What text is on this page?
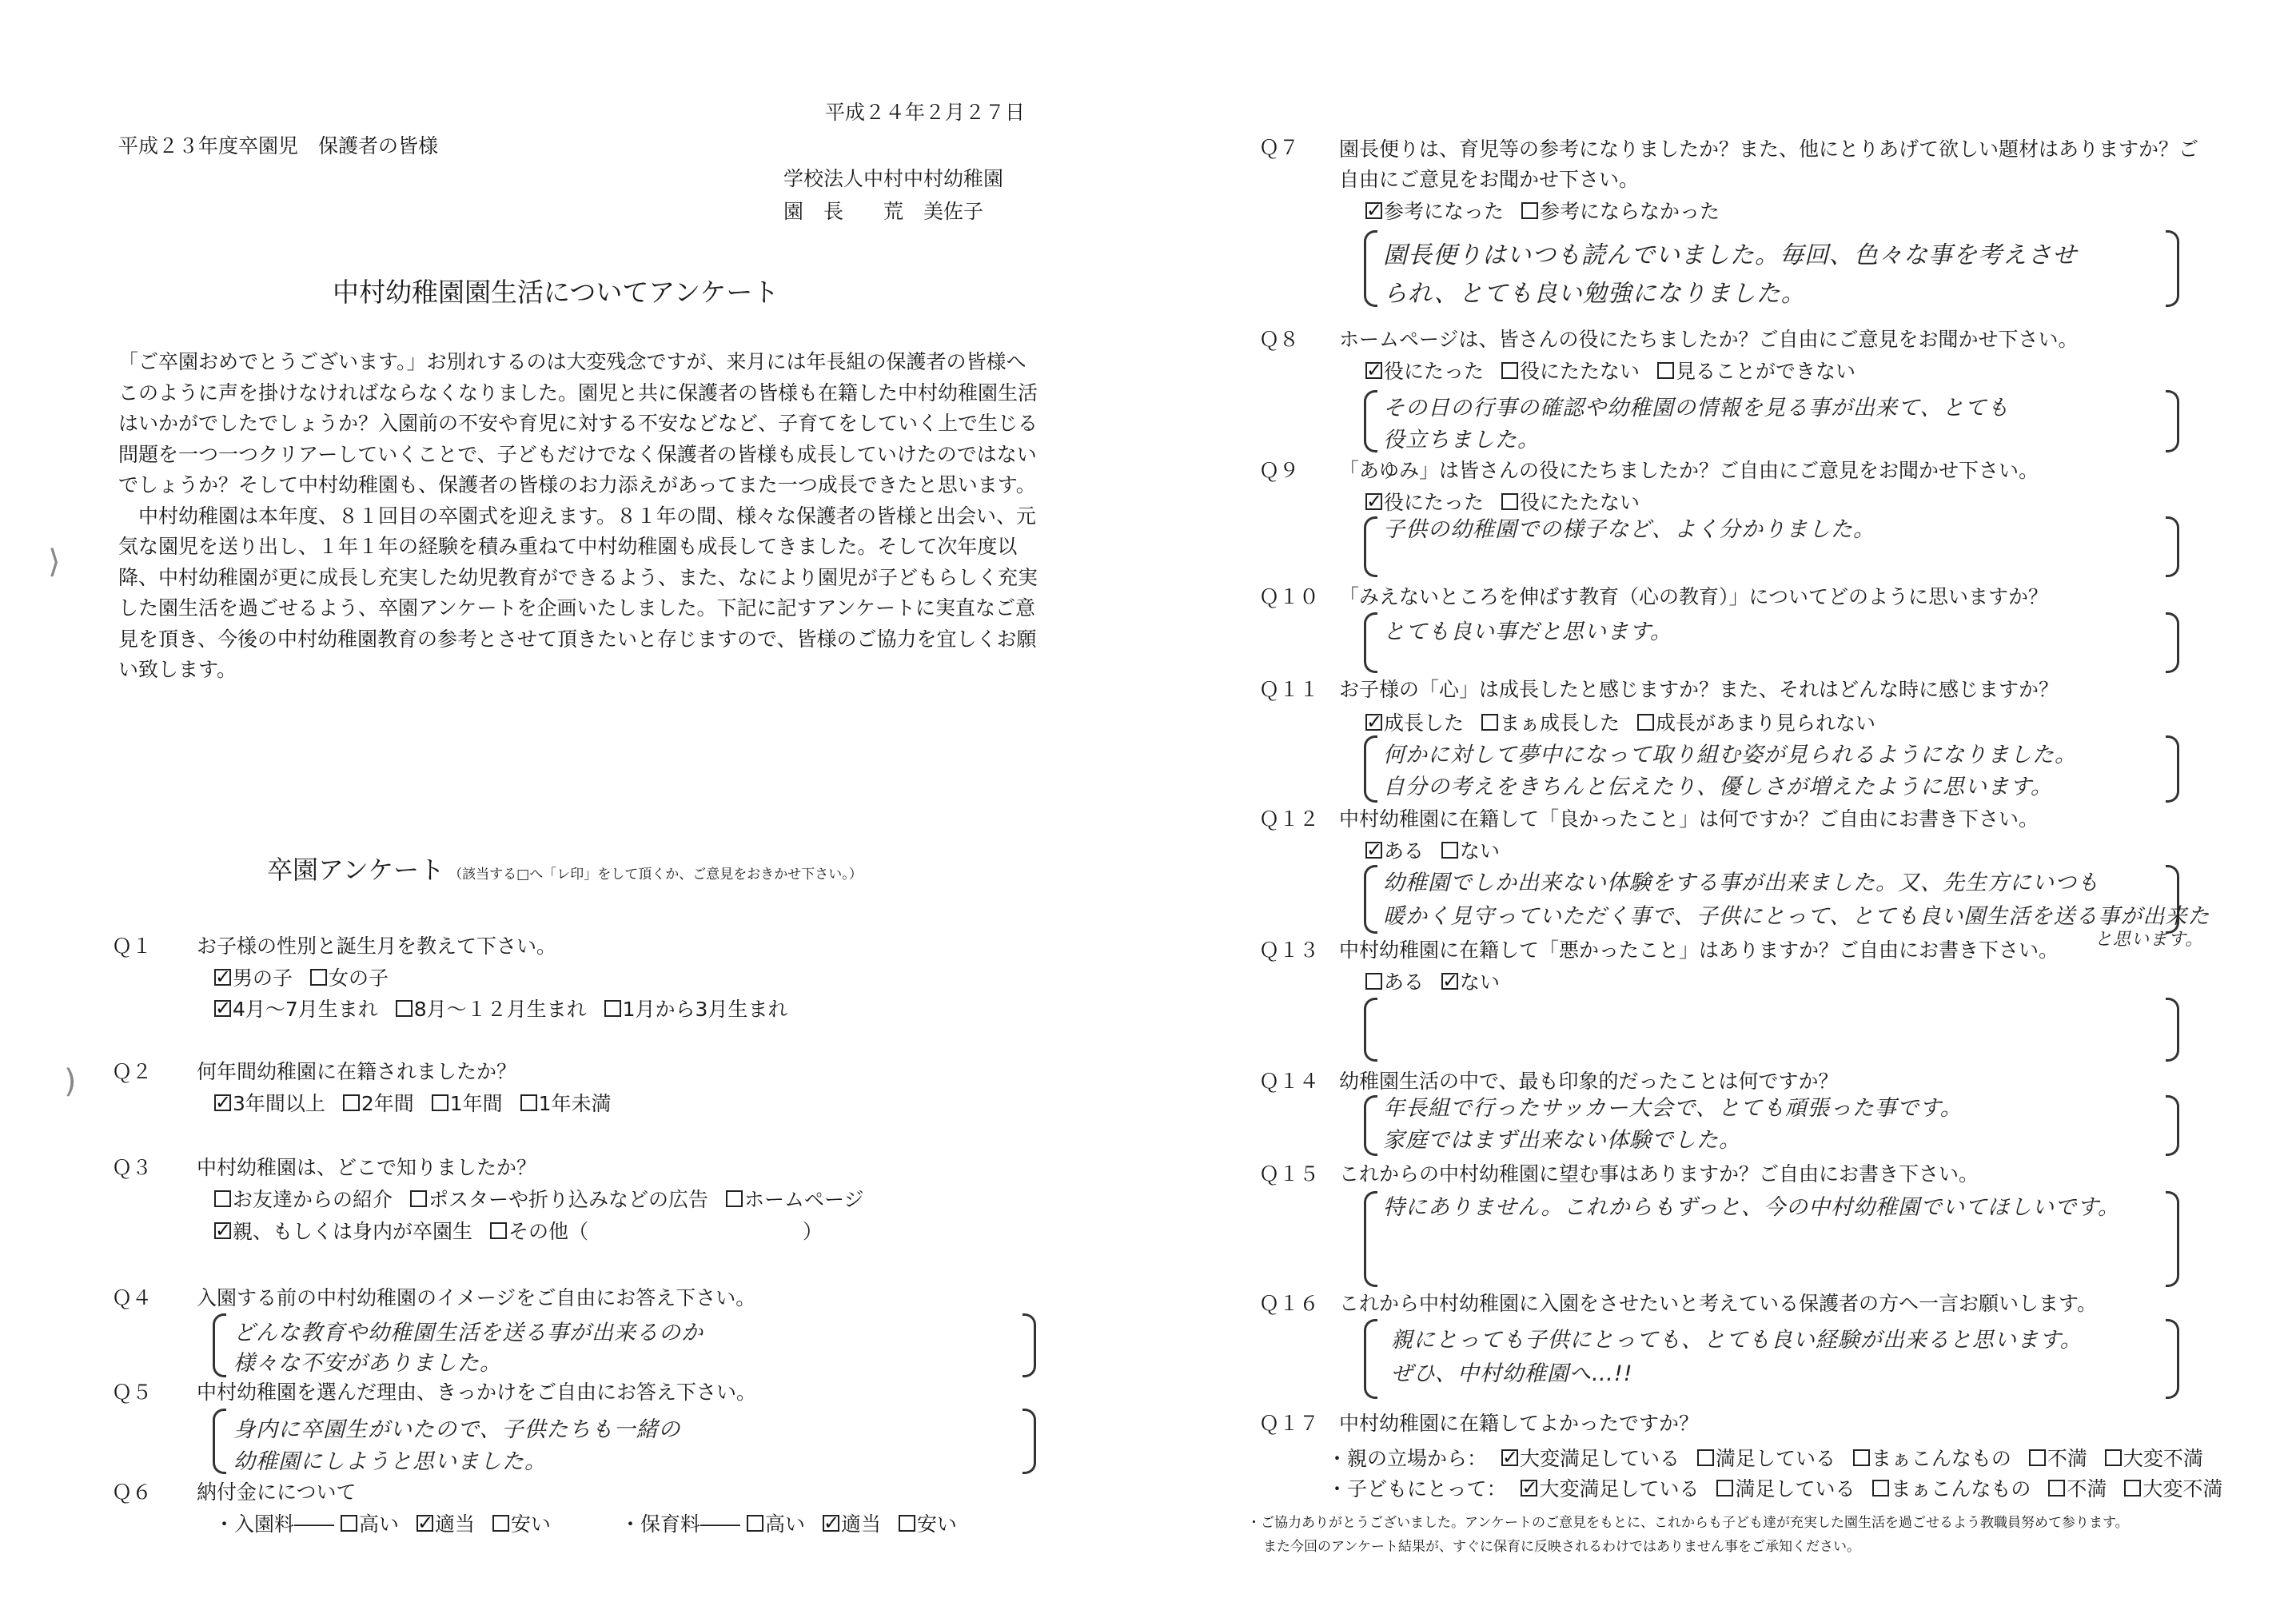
平成２４年２月２７日
平成２３年度卒園児　保護者の皆様
学校法人中村中村幼稚園
園　長　　荒　美佐子
中村幼稚園園生活についてアンケート

「ご卒園おめでとうございます。」お別れするのは大変残念ですが、来月には年長組の保護者の皆様へこのように声を掛けなければならなくなりました。園児と共に保護者の皆様も在籍した中村幼稚園生活はいかがでしたでしょうか？入園前の不安や育児に対する不安などなど、子育てをしていく上で生じる問題を一つ一つクリアーしていくことで、子どもだけでなく保護者の皆様も成長していけたのではないでしょうか？そして中村幼稚園も、保護者の皆様のお力添えがあってまた一つ成長できたと思います。

中村幼稚園は本年度、８１回目の卒園式を迎えます。８１年の間、様々な保護者の皆様と出会い、元気な園児を送り出し、１年１年の経験を積み重ねて中村幼稚園も成長してきました。そして次年度以降、中村幼稚園が更に成長し充実した幼児教育ができるよう、また、なにより園児が子どもらしく充実した園生活を過ごせるよう、卒園アンケートを企画いたしました。下記に記すアンケートに実直なご意見を頂き、今後の中村幼稚園教育の参考とさせて頂きたいと存じますので、皆様のご協力を宜しくお願い致します。

卒園アンケート （該当する□へ「レ印」をして頂くか、ご意見をおきかせ下さい。）
Ｑ１ お子様の性別と誕生月を教えて下さい。
✓男の子 女の子
✓4月～7月生まれ 8月～１２月生まれ 1月から3月生まれ
Ｑ２ 何年間幼稚園に在籍されましたか？
✓3年間以上 2年間 1年間 1年未満
Ｑ３ 中村幼稚園は、どこで知りましたか？
お友達からの紹介 ポスターや折り込みなどの広告 ホームページ
✓親、もしくは身内が卒園生 その他（	）
Ｑ４ 入園する前の中村幼稚園のイメージをご自由にお答え下さい。
どんな教育や幼稚園生活を送る事が出来るのか
様々な不安がありました。
Ｑ５ 中村幼稚園を選んだ理由、きっかけをご自由にお答え下さい。
身内に卒園生がいたので、子供たちも一緒の
幼稚園にしようと思いました。
Ｑ６ 納付金にについて
・入園料―― 高い ✓ 適当 安い	・保育料―― 高い ✓ 適当 安い
⟩
)
Ｑ７ 園長便りは、育児等の参考になりましたか？また、他にとりあげて欲しい題材はありますか？ご自由にご意見をお聞かせ下さい。
✓参考になった 参考にならなかった
園長便りはいつも読んでいました。毎回、色々な事を考えさせ
られ、とても良い勉強になりました。
Ｑ８ ホームページは、皆さんの役にたちましたか？ご自由にご意見をお聞かせ下さい。
✓役にたった 役にたたない 見ることができない
その日の行事の確認や幼稚園の情報を見る事が出来て、とても
役立ちました。
Ｑ９ 「あゆみ」は皆さんの役にたちましたか？ご自由にご意見をお聞かせ下さい。
✓役にたった 役にたたない
子供の幼稚園での様子など、よく分かりました。
Ｑ１０ 「みえないところを伸ばす教育（心の教育）」についてどのように思いますか？
とても良い事だと思います。
Ｑ１１ お子様の「心」は成長したと感じますか？また、それはどんな時に感じますか？
✓成長した まぁ成長した 成長があまり見られない
何かに対して夢中になって取り組む姿が見られるようになりました。
自分の考えをきちんと伝えたり、優しさが増えたように思います。
Ｑ１２ 中村幼稚園に在籍して「良かったこと」は何ですか？ご自由にお書き下さい。
✓ある ない
幼稚園でしか出来ない体験をする事が出来ました。又、先生方にいつも
暖かく見守っていただく事で、子供にとって、とても良い園生活を送る事が出来た
と思います。
Ｑ１３ 中村幼稚園に在籍して「悪かったこと」はありますか？ご自由にお書き下さい。
ある ✓ ない
Ｑ１４ 幼稚園生活の中で、最も印象的だったことは何ですか？
年長組で行ったサッカー大会で、とても頑張った事です。
家庭ではまず出来ない体験でした。
Ｑ１５ これからの中村幼稚園に望む事はありますか？ご自由にお書き下さい。
特にありません。これからもずっと、今の中村幼稚園でいてほしいです。
Ｑ１６ これから中村幼稚園に入園をさせたいと考えている保護者の方へ一言お願いします。
親にとっても子供にとっても、とても良い経験が出来ると思います。
ぜひ、中村幼稚園へ…!!
Ｑ１７ 中村幼稚園に在籍してよかったですか？
・親の立場から： ✓ 大変満足している 満足している まぁこんなもの 不満 大変不満
・子どもにとって： ✓ 大変満足している 満足している まぁこんなもの 不満 大変不満
・ご協力ありがとうございました。アンケートのご意見をもとに、これからも子ども達が充実した園生活を過ごせるよう教職員努めて参ります。
また今回のアンケート結果が、すぐに保育に反映されるわけではありません事をご承知ください。
